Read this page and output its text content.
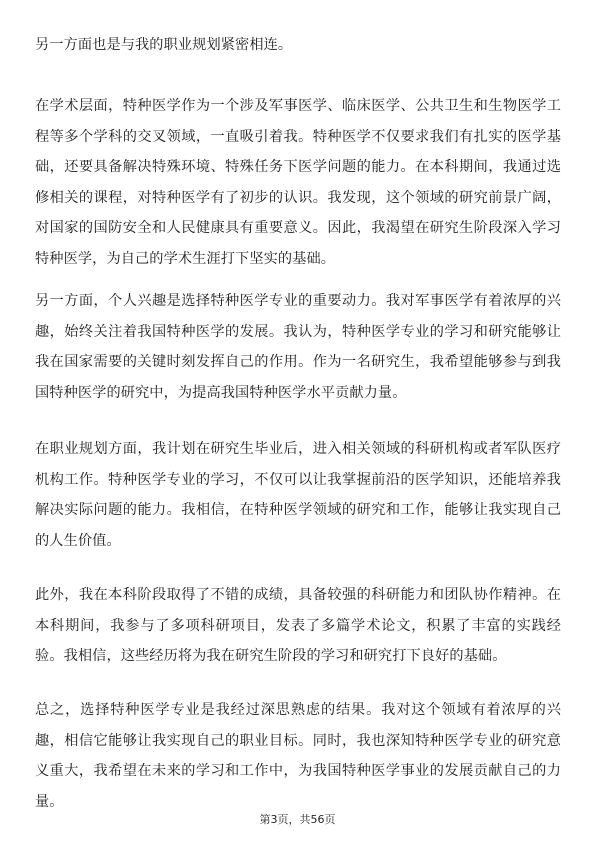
另一方面也是与我的职业规划紧密相连。

在学术层面，特种医学作为一个涉及军事医学、临床医学、公共卫生和生物医学工程等多个学科的交叉领域，一直吸引着我。特种医学不仅要求我们有扎实的医学基础，还要具备解决特殊环境、特殊任务下医学问题的能力。在本科期间，我通过选修相关的课程，对特种医学有了初步的认识。我发现，这个领域的研究前景广阔，对国家的国防安全和人民健康具有重要意义。因此，我渴望在研究生阶段深入学习特种医学，为自己的学术生涯打下坚实的基础。

另一方面，个人兴趣是选择特种医学专业的重要动力。我对军事医学有着浓厚的兴趣，始终关注着我国特种医学的发展。我认为，特种医学专业的学习和研究能够让我在国家需要的关键时刻发挥自己的作用。作为一名研究生，我希望能够参与到我国特种医学的研究中，为提高我国特种医学水平贡献力量。

在职业规划方面，我计划在研究生毕业后，进入相关领域的科研机构或者军队医疗机构工作。特种医学专业的学习，不仅可以让我掌握前沿的医学知识，还能培养我解决实际问题的能力。我相信，在特种医学领域的研究和工作，能够让我实现自己的人生价值。

此外，我在本科阶段取得了不错的成绩，具备较强的科研能力和团队协作精神。在本科期间，我参与了多项科研项目，发表了多篇学术论文，积累了丰富的实践经验。我相信，这些经历将为我在研究生阶段的学习和研究打下良好的基础。

总之，选择特种医学专业是我经过深思熟虑的结果。我对这个领域有着浓厚的兴趣，相信它能够让我实现自己的职业目标。同时，我也深知特种医学专业的研究意义重大，我希望在未来的学习和工作中，为我国特种医学事业的发展贡献自己的力量。

第3页，共56页
